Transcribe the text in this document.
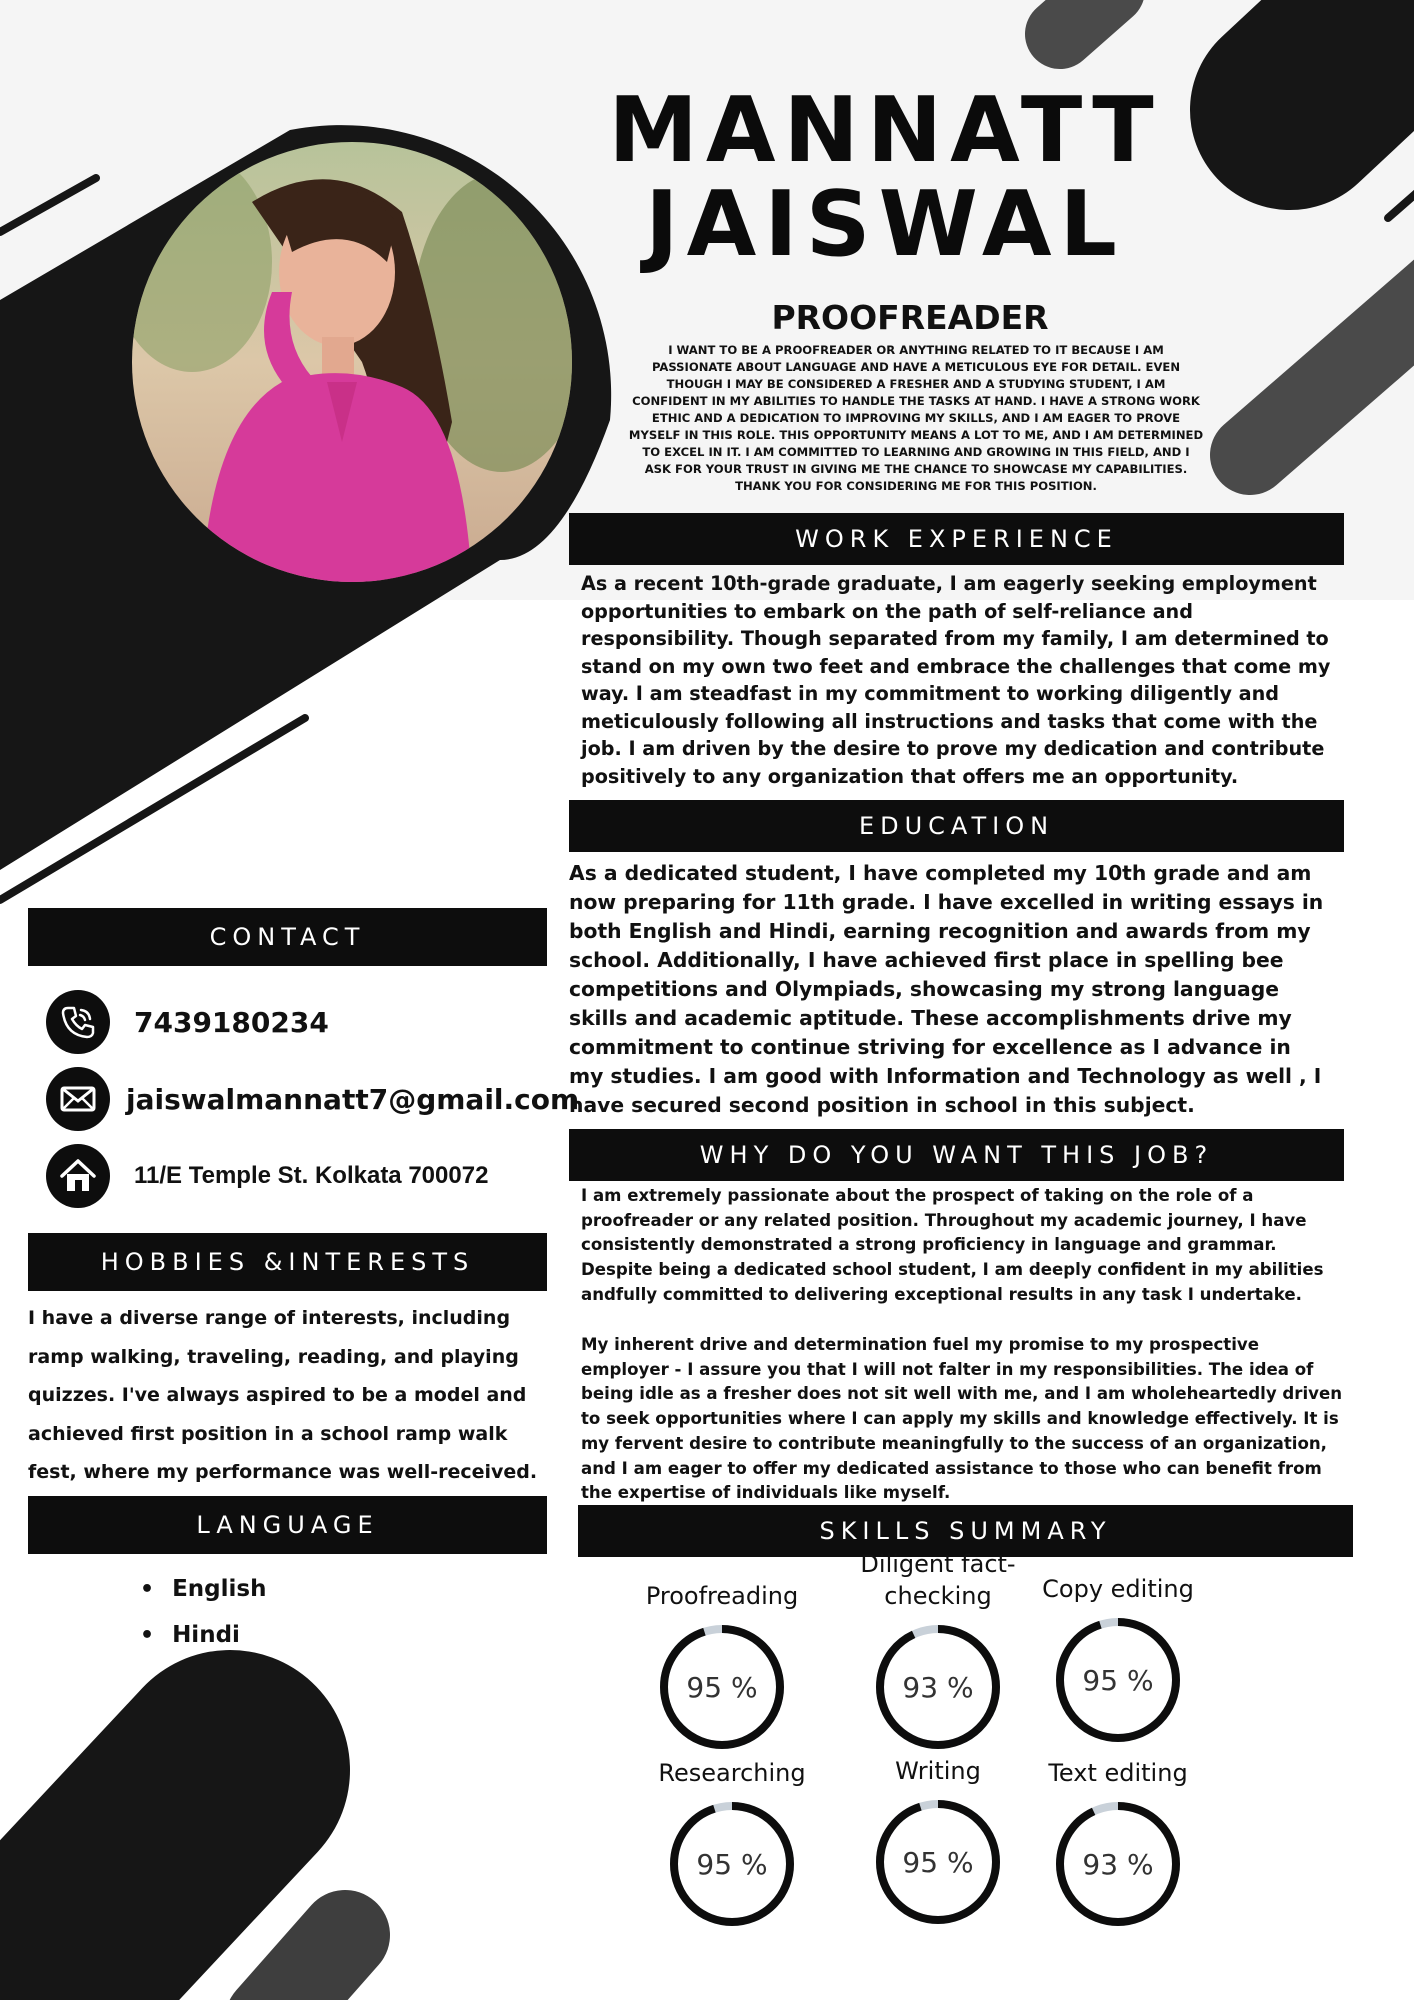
MANNATT
JAISWAL
PROOFREADER
I WANT TO BE A PROOFREADER OR ANYTHING RELATED TO IT BECAUSE I AM PASSIONATE ABOUT LANGUAGE AND HAVE A METICULOUS EYE FOR DETAIL. EVEN THOUGH I MAY BE CONSIDERED A FRESHER AND A STUDYING STUDENT, I AM CONFIDENT IN MY ABILITIES TO HANDLE THE TASKS AT HAND. I HAVE A STRONG WORK ETHIC AND A DEDICATION TO IMPROVING MY SKILLS, AND I AM EAGER TO PROVE MYSELF IN THIS ROLE. THIS OPPORTUNITY MEANS A LOT TO ME, AND I AM DETERMINED TO EXCEL IN IT. I AM COMMITTED TO LEARNING AND GROWING IN THIS FIELD, AND I ASK FOR YOUR TRUST IN GIVING ME THE CHANCE TO SHOWCASE MY CAPABILITIES. THANK YOU FOR CONSIDERING ME FOR THIS POSITION.
WORK EXPERIENCE
As a recent 10th-grade graduate, I am eagerly seeking employment opportunities to embark on the path of self-reliance and responsibility. Though separated from my family, I am determined to stand on my own two feet and embrace the challenges that come my way. I am steadfast in my commitment to working diligently and meticulously following all instructions and tasks that come with the job. I am driven by the desire to prove my dedication and contribute positively to any organization that offers me an opportunity.
EDUCATION
As a dedicated student, I have completed my 10th grade and am now preparing for 11th grade. I have excelled in writing essays in both English and Hindi, earning recognition and awards from my school. Additionally, I have achieved first place in spelling bee competitions and Olympiads, showcasing my strong language skills and academic aptitude. These accomplishments drive my commitment to continue striving for excellence as I advance in my studies. I am good with Information and Technology as well , I have secured second position in school in this subject.
WHY DO YOU WANT THIS JOB?
I am extremely passionate about the prospect of taking on the role of a proofreader or any related position. Throughout my academic journey, I have consistently demonstrated a strong proficiency in language and grammar. Despite being a dedicated school student, I am deeply confident in my abilities andfully committed to delivering exceptional results in any task I undertake.
My inherent drive and determination fuel my promise to my prospective employer - I assure you that I will not falter in my responsibilities. The idea of being idle as a fresher does not sit well with me, and I am wholeheartedly driven to seek opportunities where I can apply my skills and knowledge effectively. It is my fervent desire to contribute meaningfully to the success of an organization, and I am eager to offer my dedicated assistance to those who can benefit from the expertise of individuals like myself.
CONTACT
7439180234
jaiswalmannatt7@gmail.com
11/E Temple St. Kolkata 700072
HOBBIES &INTERESTS
I have a diverse range of interests, including ramp walking, traveling, reading, and playing quizzes. I've always aspired to be a model and achieved first position in a school ramp walk fest, where my performance was well-received.
LANGUAGE
• English
• Hindi
SKILLS SUMMARY
Proofreading
95 %
Diligent fact-checking
93 %
Copy editing
95 %
Researching
95 %
Writing
95 %
Text editing
93 %
